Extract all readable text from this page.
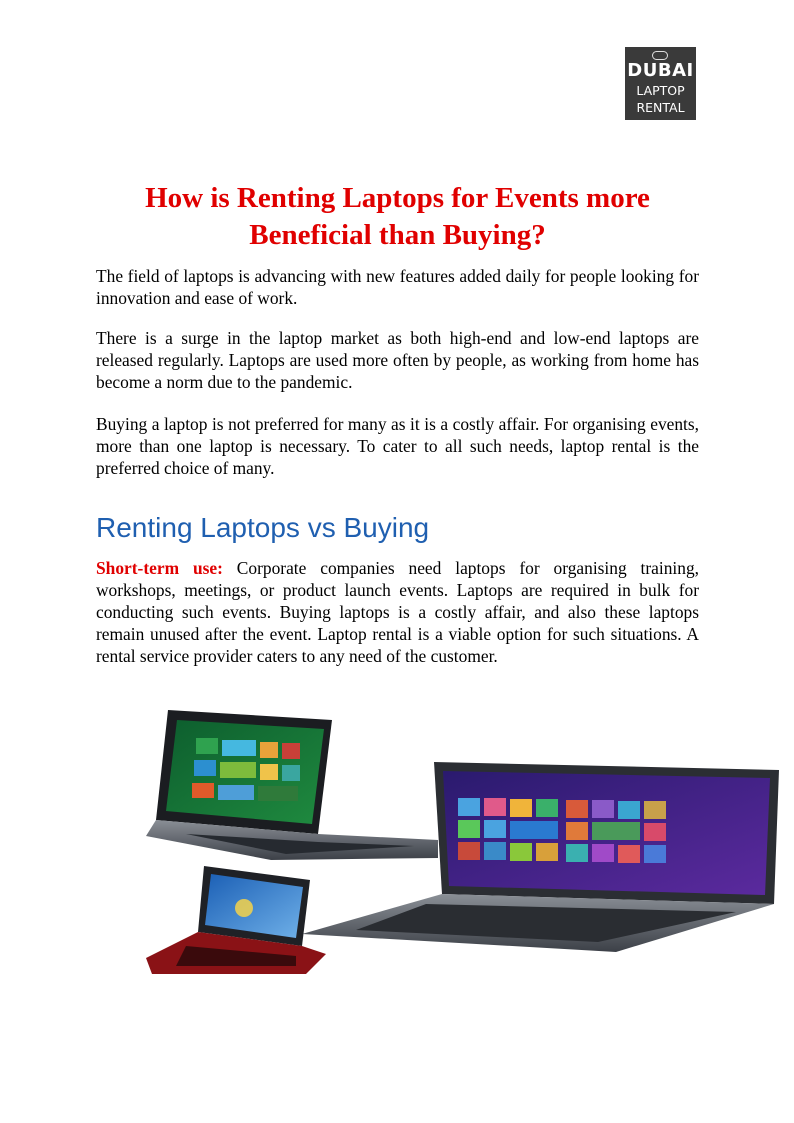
DUBAI
LAPTOP
RENTAL
How is Renting Laptops for Events more Beneficial than Buying?

The field of laptops is advancing with new features added daily for people looking for innovation and ease of work.

There is a surge in the laptop market as both high-end and low-end laptops are released regularly. Laptops are used more often by people, as working from home has become a norm due to the pandemic.

Buying a laptop is not preferred for many as it is a costly affair. For organising events, more than one laptop is necessary. To cater to all such needs, laptop rental is the preferred choice of many.

Renting Laptops vs Buying

Short-term use: Corporate companies need laptops for organising training, workshops, meetings, or product launch events. Laptops are required in bulk for conducting such events. Buying laptops is a costly affair, and also these laptops remain unused after the event. Laptop rental is a viable option for such situations. A rental service provider caters to any need of the customer.
